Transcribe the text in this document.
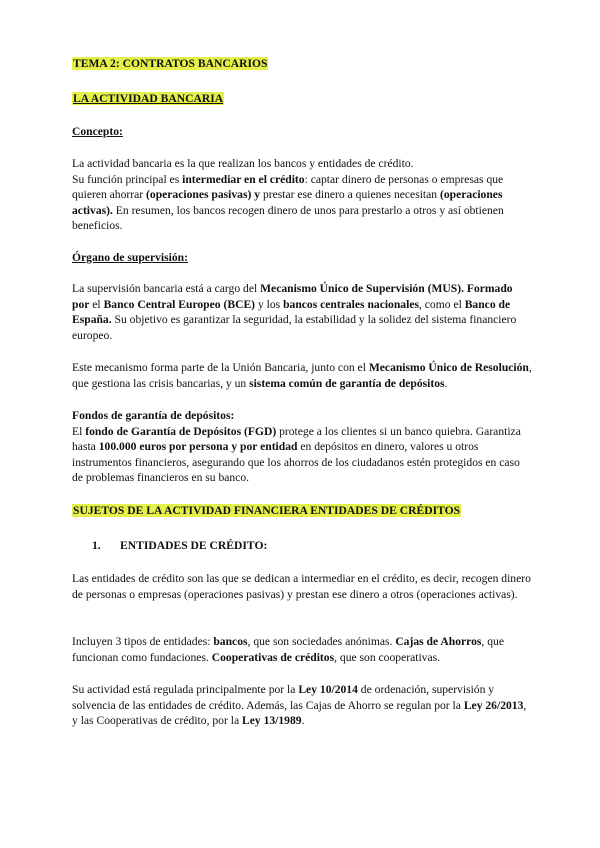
TEMA 2: CONTRATOS BANCARIOS
LA ACTIVIDAD BANCARIA
Concepto:

La actividad bancaria es la que realizan los bancos y entidades de crédito.
Su función principal es intermediar en el crédito: captar dinero de personas o empresas que quieren ahorrar (operaciones pasivas) y prestar ese dinero a quienes necesitan (operaciones activas). En resumen, los bancos recogen dinero de unos para prestarlo a otros y así obtienen beneficios.

Órgano de supervisión:

La supervisión bancaria está a cargo del Mecanismo Único de Supervisión (MUS). Formado por el Banco Central Europeo (BCE) y los bancos centrales nacionales, como el Banco de España. Su objetivo es garantizar la seguridad, la estabilidad y la solidez del sistema financiero europeo.

Este mecanismo forma parte de la Unión Bancaria, junto con el Mecanismo Único de Resolución, que gestiona las crisis bancarias, y un sistema común de garantía de depósitos.

Fondos de garantía de depósitos:
El fondo de Garantía de Depósitos (FGD) protege a los clientes si un banco quiebra. Garantiza hasta 100.000 euros por persona y por entidad en depósitos en dinero, valores u otros instrumentos financieros, asegurando que los ahorros de los ciudadanos estén protegidos en caso de problemas financieros en su banco.

SUJETOS DE LA ACTIVIDAD FINANCIERA ENTIDADES DE CRÉDITOS
1. ENTIDADES DE CRÉDITO:

Las entidades de crédito son las que se dedican a intermediar en el crédito, es decir, recogen dinero de personas o empresas (operaciones pasivas) y prestan ese dinero a otros (operaciones activas).

Incluyen 3 tipos de entidades: bancos, que son sociedades anónimas. Cajas de Ahorros, que funcionan como fundaciones. Cooperativas de créditos, que son cooperativas.

Su actividad está regulada principalmente por la Ley 10/2014 de ordenación, supervisión y solvencia de las entidades de crédito. Además, las Cajas de Ahorro se regulan por la Ley 26/2013, y las Cooperativas de crédito, por la Ley 13/1989.
